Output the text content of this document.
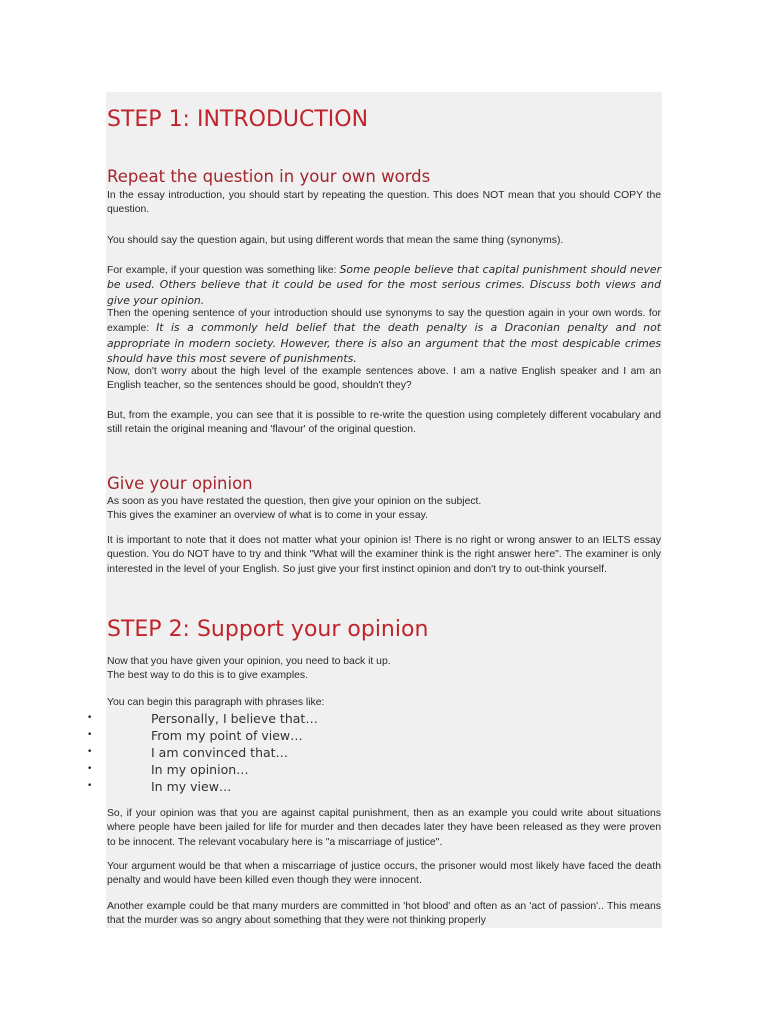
STEP 1: INTRODUCTION
Repeat the question in your own words

In the essay introduction, you should start by repeating the question. This does NOT mean that you should COPY the question.

You should say the question again, but using different words that mean the same thing (synonyms).

For example, if your question was something like: Some people believe that capital punishment should never be used. Others believe that it could be used for the most serious crimes. Discuss both views and give your opinion.

Then the opening sentence of your introduction should use synonyms to say the question again in your own words. for example: It is a commonly held belief that the death penalty is a Draconian penalty and not appropriate in modern society. However, there is also an argument that the most despicable crimes should have this most severe of punishments.

Now, don't worry about the high level of the example sentences above. I am a native English speaker and I am an English teacher, so the sentences should be good, shouldn't they?

But, from the example, you can see that it is possible to re-write the question using completely different vocabulary and still retain the original meaning and 'flavour' of the original question.

Give your opinion

As soon as you have restated the question, then give your opinion on the subject.

This gives the examiner an overview of what is to come in your essay.

It is important to note that it does not matter what your opinion is! There is no right or wrong answer to an IELTS essay question. You do NOT have to try and think "What will the examiner think is the right answer here". The examiner is only interested in the level of your English. So just give your first instinct opinion and don't try to out-think yourself.

STEP 2: Support your opinion

Now that you have given your opinion, you need to back it up.

The best way to do this is to give examples.

You can begin this paragraph with phrases like:

•	Personally, I believe that…
•	From my point of view…
•	I am convinced that…
•	In my opinion…
•	In my view…

So, if your opinion was that you are against capital punishment, then as an example you could write about situations where people have been jailed for life for murder and then decades later they have been released as they were proven to be innocent. The relevant vocabulary here is "a miscarriage of justice".

Your argument would be that when a miscarriage of justice occurs, the prisoner would most likely have faced the death penalty and would have been killed even though they were innocent.

Another example could be that many murders are committed in 'hot blood' and often as an 'act of passion'.. This means that the murder was so angry about something that they were not thinking properly
